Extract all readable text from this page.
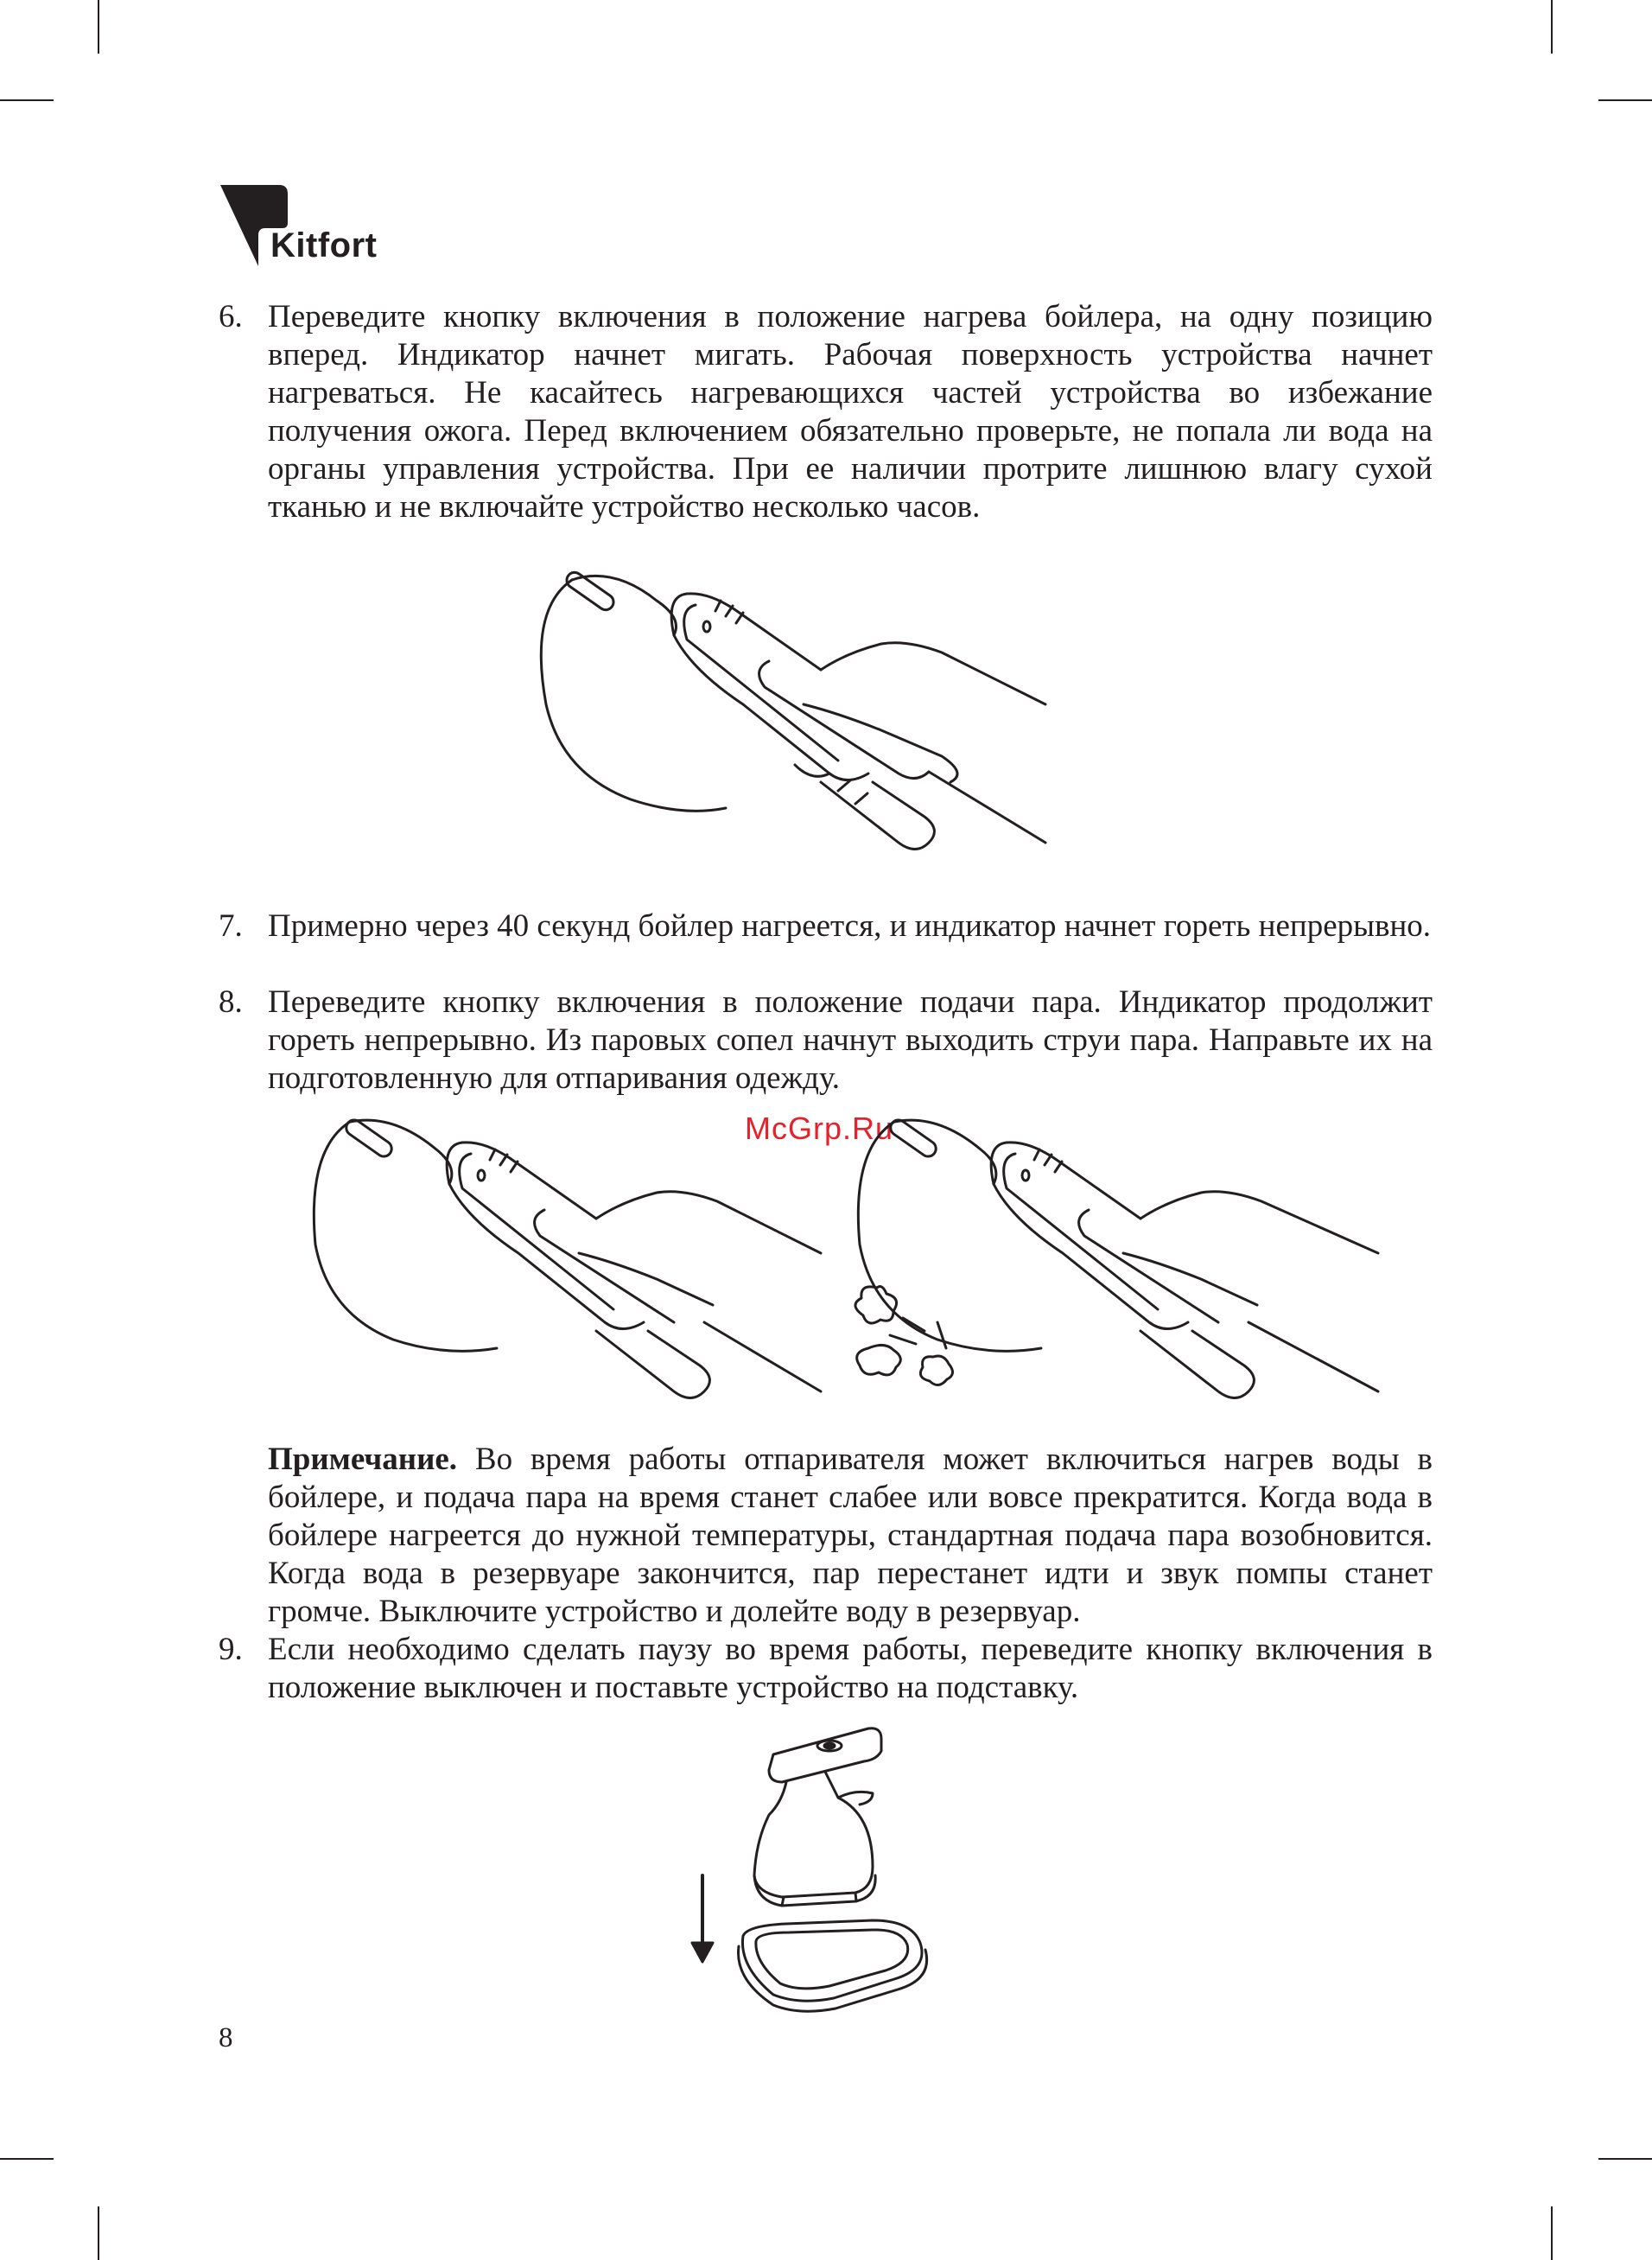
Kitfort
6. Переведите кнопку включения в положение нагрева бойлера, на одну позицию вперед. Индикатор начнет мигать. Рабочая поверхность устройства начнет нагреваться. Не касайтесь нагревающихся частей устройства во избежание получения ожога. Перед включением обязательно проверьте, не попала ли вода на органы управления устройства. При ее наличии протрите лишнюю влагу сухой тканью и не включайте устройство несколько часов.
7. Примерно через 40 секунд бойлер нагреется, и индикатор начнет гореть непрерывно.
8. Переведите кнопку включения в положение подачи пара. Индикатор продолжит гореть непрерывно. Из паровых сопел начнут выходить струи пара. Направьте их на подготовленную для отпаривания одежду.
McGrp.Ru
Примечание. Во время работы отпаривателя может включиться нагрев воды в бойлере, и подача пара на время станет слабее или вовсе прекратится. Когда вода в бойлере нагреется до нужной температуры, стандартная подача пара возобновится. Когда вода в резервуаре закончится, пар перестанет идти и звук помпы станет громче. Выключите устройство и долейте воду в резервуар.
9. Если необходимо сделать паузу во время работы, переведите кнопку включения в положение выключен и поставьте устройство на подставку.
8
